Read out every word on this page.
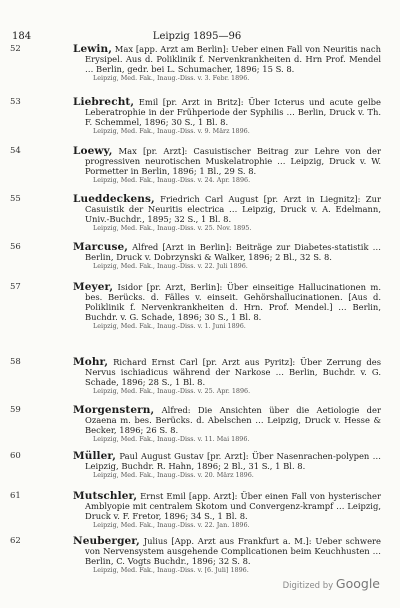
184	Leipzig 1895—96
52	Lewin, Max [app. Arzt am Berlin]: Ueber einen Fall von Neuritis nach Erysipel. Aus d. Poliklinik f. Nervenkrankheiten d. Hrn Prof. Mendel … Berlin, gedr. bei L. Schumacher, 1896; 15 S. 8.

Leipzig, Med. Fak., Inaug.-Diss. v. 3. Febr. 1896.
53	Liebrecht, Emil [pr. Arzt in Britz]: Über Icterus und acute gelbe Leberatrophie in der Frühperiode der Syphilis … Berlin, Druck v. Th. F. Schemmel, 1896; 30 S., 1 Bl. 8.

Leipzig, Med. Fak., Inaug.-Diss. v. 9. März 1896.
54	Loewy, Max [pr. Arzt]: Casuistischer Beitrag zur Lehre von der progressiven neurotischen Muskelatrophie … Leipzig, Druck v. W. Pormetter in Berlin, 1896; 1 Bl., 29 S. 8.

Leipzig, Med. Fak., Inaug.-Diss. v. 24. Apr. 1896.
55	Lueddeckens, Friedrich Carl August [pr. Arzt in Liegnitz]: Zur Casuistik der Neuritis electrica … Leipzig, Druck v. A. Edelmann, Univ.-Buchdr., 1895; 32 S., 1 Bl. 8.

Leipzig, Med. Fak., Inaug.-Diss. v. 25. Nov. 1895.
56	Marcuse, Alfred [Arzt in Berlin]: Beiträge zur Diabetes-statistik … Berlin, Druck v. Dobrzynski & Walker, 1896; 2 Bl., 32 S. 8.

Leipzig, Med. Fak., Inaug.-Diss. v. 22. Juli 1896.
57	Meyer, Isidor [pr. Arzt, Berlin]: Über einseitige Hallucinationen m. bes. Berücks. d. Fälles v. einseit. Gehörshallucinationen. [Aus d. Poliklinik f. Nervenkrankheiten d. Hrn. Prof. Mendel.] … Berlin, Buchdr. v. G. Schade, 1896; 30 S., 1 Bl. 8.

Leipzig, Med. Fak., Inaug.-Diss. v. 1. Juni 1896.
58	Mohr, Richard Ernst Carl [pr. Arzt aus Pyritz]: Über Zerrung des Nervus ischiadicus während der Narkose … Berlin, Buchdr. v. G. Schade, 1896; 28 S., 1 Bl. 8.

Leipzig, Med. Fak., Inaug.-Diss. v. 25. Apr. 1896.
59	Morgenstern, Alfred: Die Ansichten über die Aetiologie der Ozaena m. bes. Berücks. d. Abelschen … Leipzig, Druck v. Hesse & Becker, 1896; 26 S. 8.

Leipzig, Med. Fak., Inaug.-Diss. v. 11. Mai 1896.
60	Müller, Paul August Gustav [pr. Arzt]: Über Nasenrachen-polypen … Leipzig, Buchdr. R. Hahn, 1896; 2 Bl., 31 S., 1 Bl. 8.

Leipzig, Med. Fak., Inaug.-Diss. v. 20. März 1896.
61	Mutschler, Ernst Emil [app. Arzt]: Über einen Fall von hysterischer Amblyopie mit centralem Skotom und Convergenz-krampf … Leipzig, Druck v. F. Fretor, 1896; 34 S., 1 Bl. 8.

Leipzig, Med. Fak., Inaug.-Diss. v. 22. Jan. 1896.
62	Neuberger, Julius [App. Arzt aus Frankfurt a. M.]: Ueber schwere von Nervensystem ausgehende Complicationen beim Keuchhusten … Berlin, C. Vogts Buchdr., 1896; 32 S. 8.

Leipzig, Med. Fak., Inaug.-Diss. v. [6. Juli] 1896.
Digitized by Google
